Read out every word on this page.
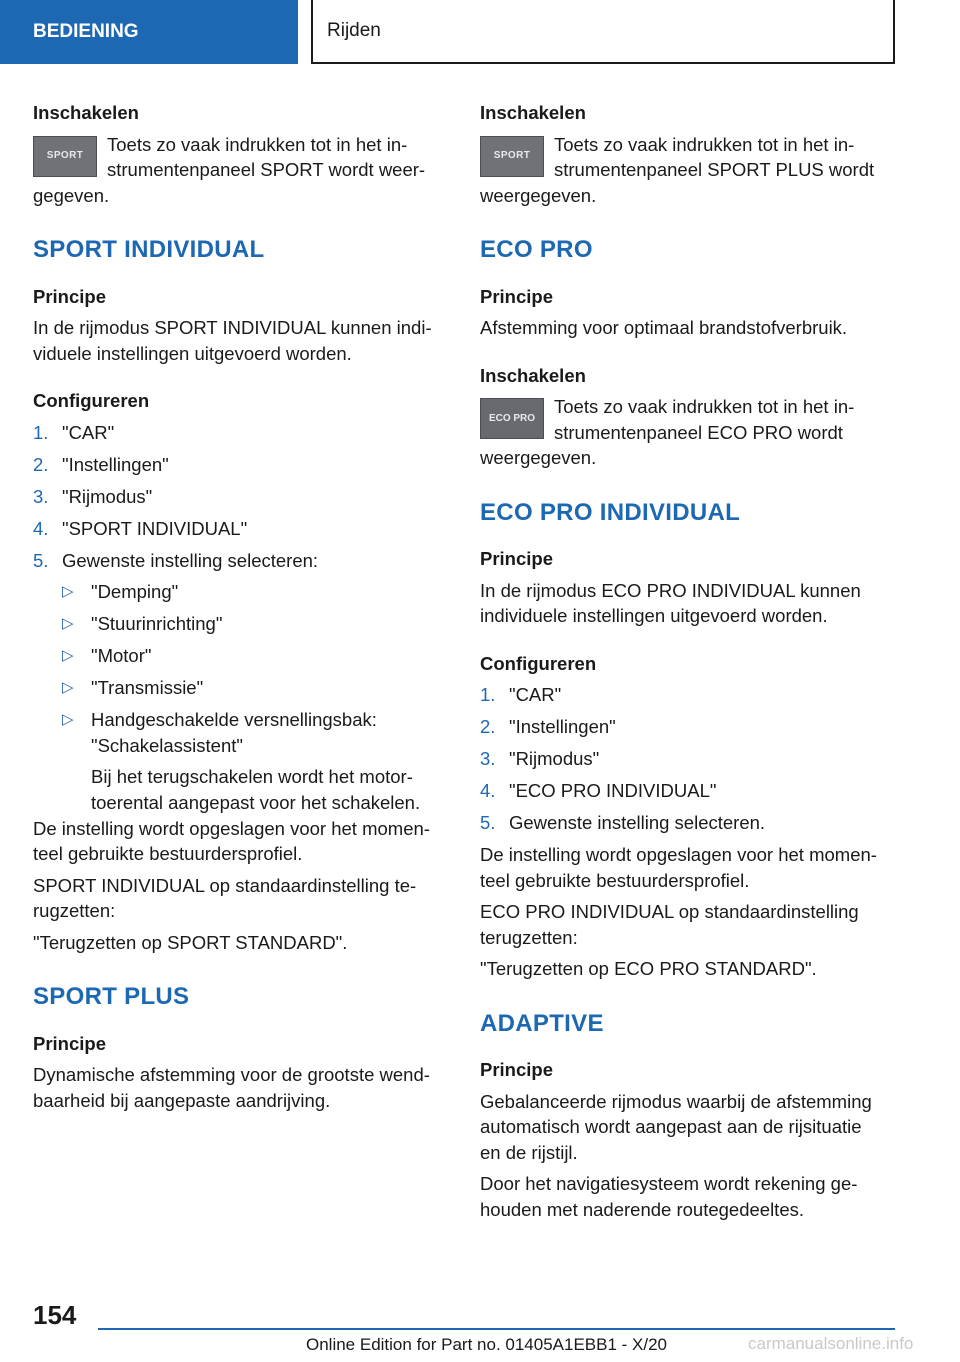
BEDIENING	Rijden
Inschakelen
SPORT
Toets zo vaak indrukken tot in het in-
strumentenpaneel SPORT wordt weer-
gegeven.
SPORT INDIVIDUAL
Principe

In de rijmodus SPORT INDIVIDUAL kunnen indi-
viduele instellingen uitgevoerd worden.

Configureren
1. "CAR"
2. "Instellingen"
3. "Rijmodus"
4. "SPORT INDIVIDUAL"
5. Gewenste instelling selecteren:
▷ "Demping"
▷ "Stuurinrichting"
▷ "Motor"
▷ "Transmissie"
▷ Handgeschakelde versnellingsbak:
"Schakelassistent"
Bij het terugschakelen wordt het motor-
toerental aangepast voor het schakelen.

De instelling wordt opgeslagen voor het momen-
teel gebruikte bestuurdersprofiel.

SPORT INDIVIDUAL op standaardinstelling te-
rugzetten:

"Terugzetten op SPORT STANDARD".

SPORT PLUS
Principe

Dynamische afstemming voor de grootste wend-
baarheid bij aangepaste aandrijving.

Inschakelen
SPORT
Toets zo vaak indrukken tot in het in-
strumentenpaneel SPORT PLUS wordt
weergegeven.
ECO PRO
Principe

Afstemming voor optimaal brandstofverbruik.

Inschakelen
ECO PRO
Toets zo vaak indrukken tot in het in-
strumentenpaneel ECO PRO wordt
weergegeven.
ECO PRO INDIVIDUAL
Principe

In de rijmodus ECO PRO INDIVIDUAL kunnen
individuele instellingen uitgevoerd worden.

Configureren
1. "CAR"
2. "Instellingen"
3. "Rijmodus"
4. "ECO PRO INDIVIDUAL"
5. Gewenste instelling selecteren.

De instelling wordt opgeslagen voor het momen-
teel gebruikte bestuurdersprofiel.

ECO PRO INDIVIDUAL op standaardinstelling
terugzetten:

"Terugzetten op ECO PRO STANDARD".

ADAPTIVE
Principe

Gebalanceerde rijmodus waarbij de afstemming
automatisch wordt aangepast aan de rijsituatie
en de rijstijl.

Door het navigatiesysteem wordt rekening ge-
houden met naderende routegedeeltes.

154
Online Edition for Part no. 01405A1EBB1 - X/20	carmanualsonline.info
